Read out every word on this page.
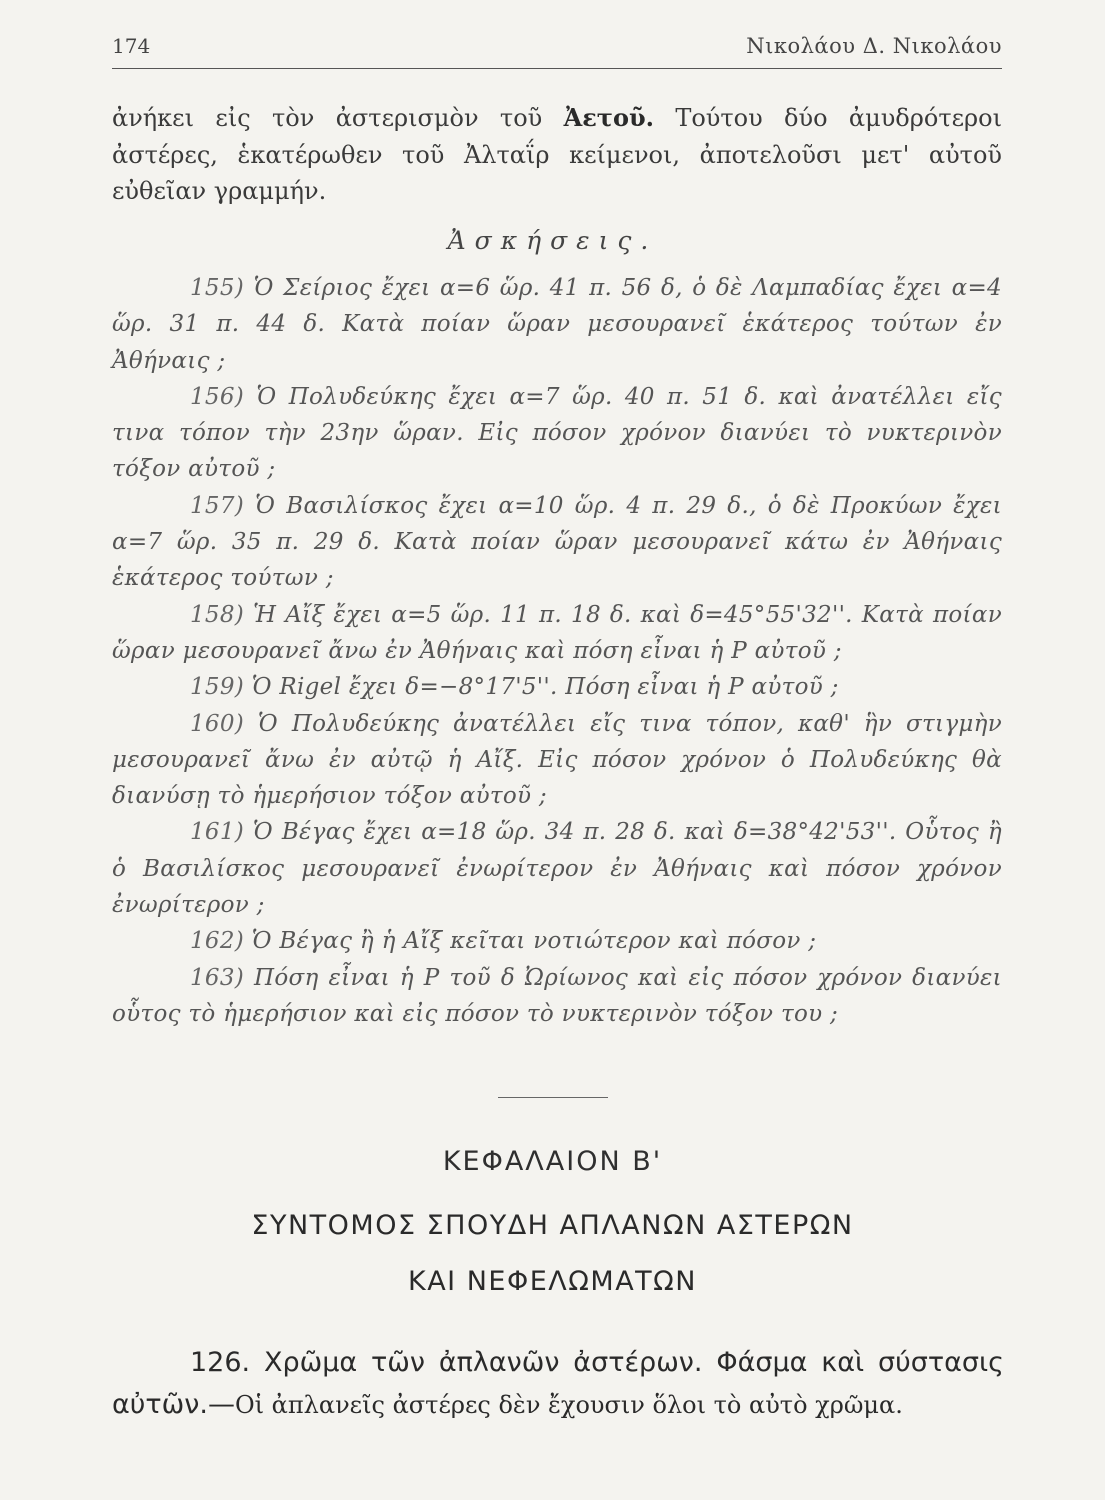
174	Νικολάου Δ. Νικολάου

ἀνήκει εἰς τὸν ἀστερισμὸν τοῦ Ἀετοῦ. Τούτου δύο ἀμυδρότεροι ἀστέρες, ἑκατέρωθεν τοῦ Ἀλταΐρ κείμενοι, ἀποτελοῦσι μετ' αὐτοῦ εὐθεῖαν γραμμήν.

Ἀσκήσεις.

155) Ὁ Σείριος ἔχει α=6 ὥρ. 41 π. 56 δ, ὁ δὲ Λαμπαδίας ἔχει α=4 ὥρ. 31 π. 44 δ. Κατὰ ποίαν ὥραν μεσουρανεῖ ἑκάτερος τούτων ἐν Ἀθήναις ;

156) Ὁ Πολυδεύκης ἔχει α=7 ὥρ. 40 π. 51 δ. καὶ ἀνατέλλει εἴς τινα τόπον τὴν 23ην ὥραν. Εἰς πόσον χρόνον διανύει τὸ νυκτερινὸν τόξον αὐτοῦ ;

157) Ὁ Βασιλίσκος ἔχει α=10 ὥρ. 4 π. 29 δ., ὁ δὲ Προκύων ἔχει α=7 ὥρ. 35 π. 29 δ. Κατὰ ποίαν ὥραν μεσουρανεῖ κάτω ἐν Ἀθήναις ἑκάτερος τούτων ;

158) Ἡ Αἴξ ἔχει α=5 ὥρ. 11 π. 18 δ. καὶ δ=45°55'32''. Κατὰ ποίαν ὥραν μεσουρανεῖ ἄνω ἐν Ἀθήναις καὶ πόση εἶναι ἡ Ρ αὐτοῦ ;

159) Ὁ Rigel ἔχει δ=−8°17'5''. Πόση εἶναι ἡ Ρ αὐτοῦ ;

160) Ὁ Πολυδεύκης ἀνατέλλει εἴς τινα τόπον, καθ' ἣν στιγμὴν μεσουρανεῖ ἄνω ἐν αὐτῷ ἡ Αἴξ. Εἰς πόσον χρόνον ὁ Πολυδεύκης θὰ διανύσῃ τὸ ἡμερήσιον τόξον αὐτοῦ ;

161) Ὁ Βέγας ἔχει α=18 ὥρ. 34 π. 28 δ. καὶ δ=38°42'53''. Οὗτος ἢ ὁ Βασιλίσκος μεσουρανεῖ ἐνωρίτερον ἐν Ἀθήναις καὶ πόσον χρόνον ἐνωρίτερον ;

162) Ὁ Βέγας ἢ ἡ Αἴξ κεῖται νοτιώτερον καὶ πόσον ;

163) Πόση εἶναι ἡ Ρ τοῦ δ Ὠρίωνος καὶ εἰς πόσον χρόνον διανύει οὗτος τὸ ἡμερήσιον καὶ εἰς πόσον τὸ νυκτερινὸν τόξον του ;

ΚΕΦΑΛΑΙΟΝ Β'
ΣΥΝΤΟΜΟΣ ΣΠΟΥΔΗ ΑΠΛΑΝΩΝ ΑΣΤΕΡΩΝ
ΚΑΙ ΝΕΦΕΛΩΜΑΤΩΝ

126. Χρῶμα τῶν ἀπλανῶν ἀστέρων. Φάσμα καὶ σύστασις αὐτῶν.—Οἱ ἀπλανεῖς ἀστέρες δὲν ἔχουσιν ὅλοι τὸ αὐτὸ χρῶμα.
